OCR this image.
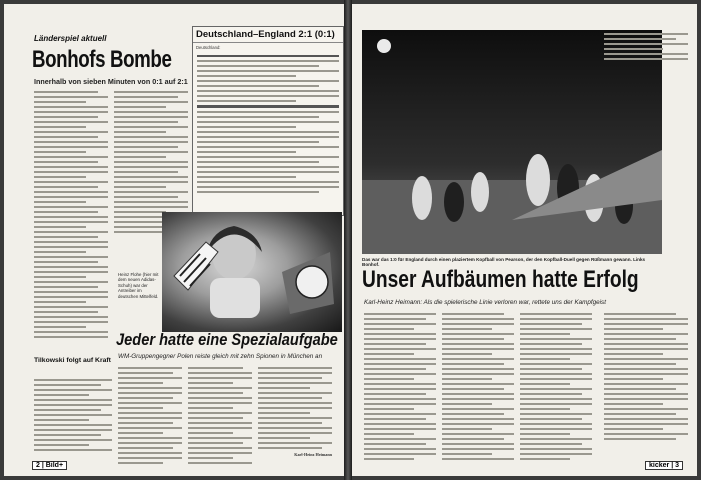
Länderspiel aktuell
Bonhofs Bombe
Innerhalb von sieben Minuten von 0:1 auf 2:1
Deutschland–England 2:1 (0:1)
Deutschland:
Heinz Flohe (hier mit dem neuen Adidas-Schuh) war der Antreiber im deutschen Mittelfeld.
Jeder hatte eine Spezialaufgabe
WM-Gruppengegner Polen reiste gleich mit zehn Spionen in München an
Karl-Heinz Heimann
Tilkowski folgt auf Kraft
2 | Bild+
Das war das 1:0 für England durch einen plaziertem Kopfball von Pearson, der den Kopfball-Duell gegen Rüßmann gewann. Links Bonhof.
Unser Aufbäumen hatte Erfolg
Karl-Heinz Heimann: Als die spielerische Linie verloren war, rettete uns der Kampfgeist
kicker | 3
